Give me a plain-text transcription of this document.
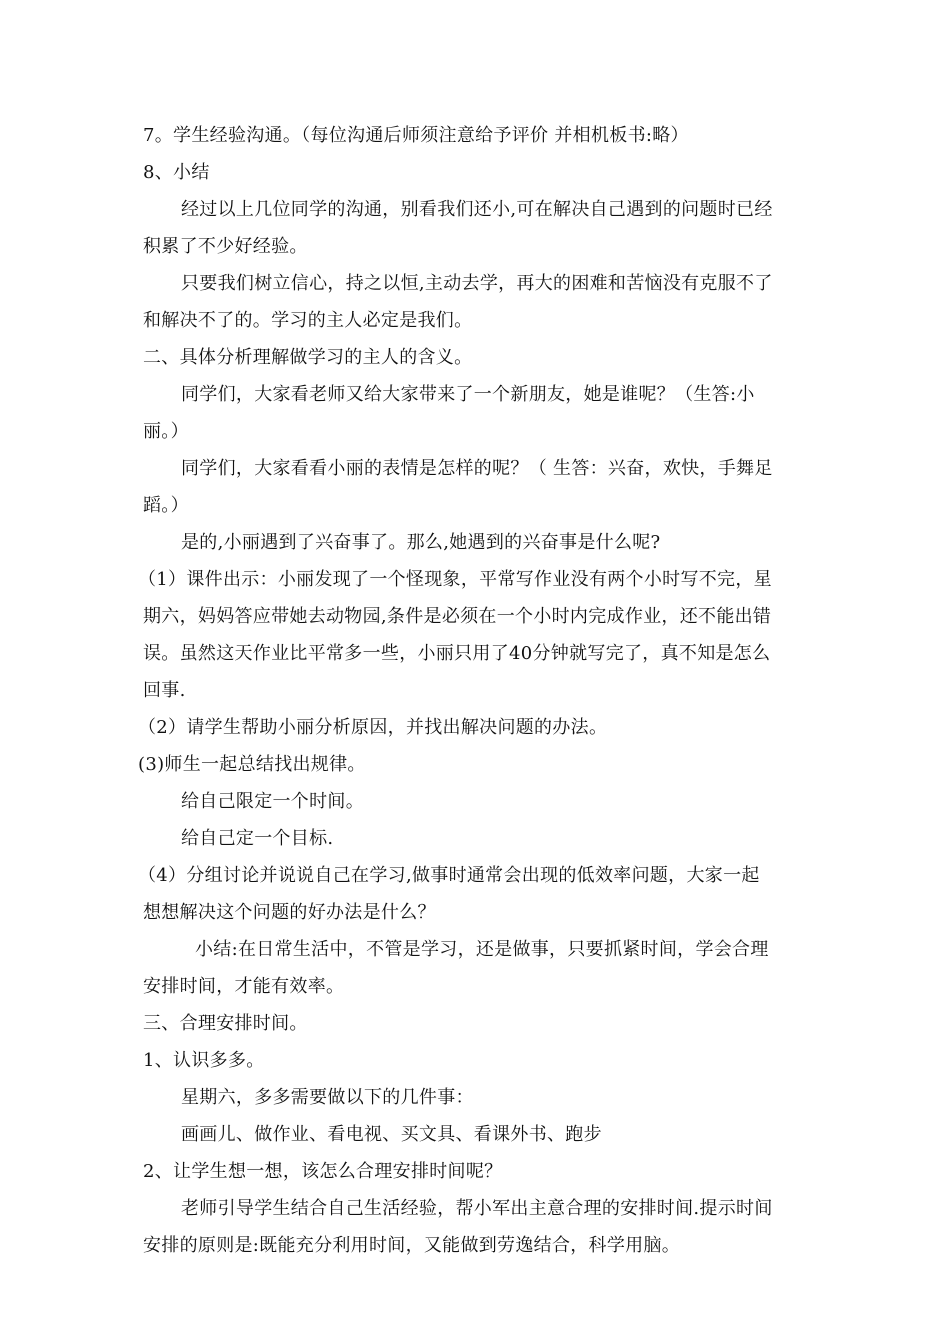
7。学生经验沟通。（每位沟通后师须注意给予评价 并相机板书:略）
8、小结
经过以上几位同学的沟通，别看我们还小,可在解决自己遇到的问题时已经
积累了不少好经验。
只要我们树立信心，持之以恒,主动去学，再大的困难和苦恼没有克服不了
和解决不了的。学习的主人必定是我们。
二、具体分析理解做学习的主人的含义。
同学们，大家看老师又给大家带来了一个新朋友，她是谁呢？（生答:小
丽。）
同学们，大家看看小丽的表情是怎样的呢？（ 生答：兴奋，欢快，手舞足
蹈。）
是的,小丽遇到了兴奋事了。那么,她遇到的兴奋事是什么呢?
（1）课件出示：小丽发现了一个怪现象，平常写作业没有两个小时写不完，星
期六，妈妈答应带她去动物园,条件是必须在一个小时内完成作业，还不能出错
误。虽然这天作业比平常多一些，小丽只用了40分钟就写完了，真不知是怎么
回事.
（2）请学生帮助小丽分析原因，并找出解决问题的办法。
(3)师生一起总结找出规律。
给自己限定一个时间。
给自己定一个目标.
（4）分组讨论并说说自己在学习,做事时通常会出现的低效率问题，大家一起
想想解决这个问题的好办法是什么？
小结:在日常生活中，不管是学习，还是做事，只要抓紧时间，学会合理
安排时间，才能有效率。
三、合理安排时间。
1、认识多多。
星期六，多多需要做以下的几件事：
画画儿、做作业、看电视、买文具、看课外书、跑步
2、让学生想一想，该怎么合理安排时间呢？
老师引导学生结合自己生活经验，帮小军出主意合理的安排时间.提示时间
安排的原则是:既能充分利用时间，又能做到劳逸结合，科学用脑。
